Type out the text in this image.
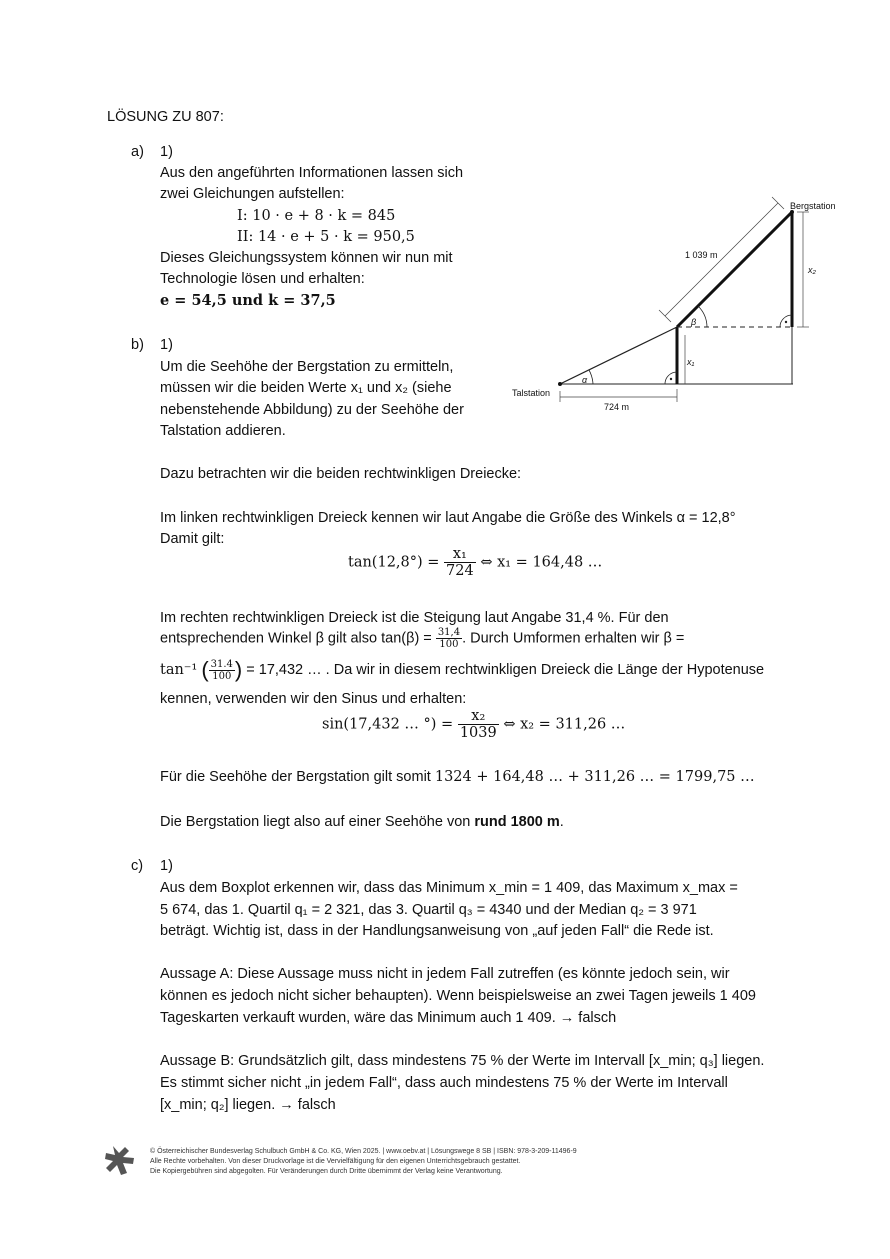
LÖSUNG ZU 807:
a) 1)
Aus den angeführten Informationen lassen sich
zwei Gleichungen aufstellen:
I: 10 · e + 8 · k = 845
II: 14 · e + 5 · k = 950,5
Dieses Gleichungssystem können wir nun mit
Technologie lösen und erhalten:
e = 54,5 und k = 37,5
b) 1)
Um die Seehöhe der Bergstation zu ermitteln,
müssen wir die beiden Werte x₁ und x₂ (siehe
nebenstehende Abbildung) zu der Seehöhe der
Talstation addieren.
Bergstation
Talstation
1 039 m
724 m
α
β
x₁
x₂
Dazu betrachten wir die beiden rechtwinkligen Dreiecke:
Im linken rechtwinkligen Dreieck kennen wir laut Angabe die Größe des Winkels α = 12,8°
Damit gilt:
$\tan(12,8^\circ) = \frac{\text{x₁}}{724}$ ⇔ x₁ = 164,48 …
Im rechten rechtwinkligen Dreieck ist die Steigung laut Angabe 31,4 %. Für den
entsprechenden Winkel β gilt also $\tan(\beta) = \frac{31,4}{100}$ . Durch Umformen erhalten wir β =
tan⁻¹ ( $\frac{31.4}{100}$ ) = 17,432 … . Da wir in diesem rechtwinkligen Dreieck die Länge der Hypotenuse
kennen, verwenden wir den Sinus und erhalten:
sin(17,432 … °) = $\frac{\text{x₂}}{1039}$ ⇔ x₂ = 311,26 …
Für die Seehöhe der Bergstation gilt somit 1324 + 164,48 … + 311,26 … = 1799,75 …
Die Bergstation liegt also auf einer Seehöhe von rund 1800 m.
c) 1)
Aus dem Boxplot erkennen wir, dass das Minimum x_min = 1 409, das Maximum x_max =
5 674, das 1. Quartil q₁ = 2 321, das 3. Quartil q₃ = 4340 und der Median q₂ = 3 971
beträgt. Wichtig ist, dass in der Handlungsanweisung von „auf jeden Fall“ die Rede ist.
Aussage A: Diese Aussage muss nicht in jedem Fall zutreffen (es könnte jedoch sein, wir
können es jedoch nicht sicher behaupten). Wenn beispielsweise an zwei Tagen jeweils 1 409
Tageskarten verkauft wurden, wäre das Minimum auch 1 409. → falsch
Aussage B: Grundsätzlich gilt, dass mindestens 75 % der Werte im Intervall [x_min; q₃] liegen.
Es stimmt sicher nicht „in jedem Fall“, dass auch mindestens 75 % der Werte im Intervall
[x_min; q₂] liegen. → falsch
© Österreichischer Bundesverlag Schulbuch GmbH & Co. KG, Wien 2025. | www.oebv.at | Lösungswege 8 SB | ISBN: 978-3-209-11496-9
Alle Rechte vorbehalten. Von dieser Druckvorlage ist die Vervielfältigung für den eigenen Unterrichtsgebrauch gestattet.
Die Kopiergebühren sind abgegolten. Für Veränderungen durch Dritte übernimmt der Verlag keine Verantwortung.
